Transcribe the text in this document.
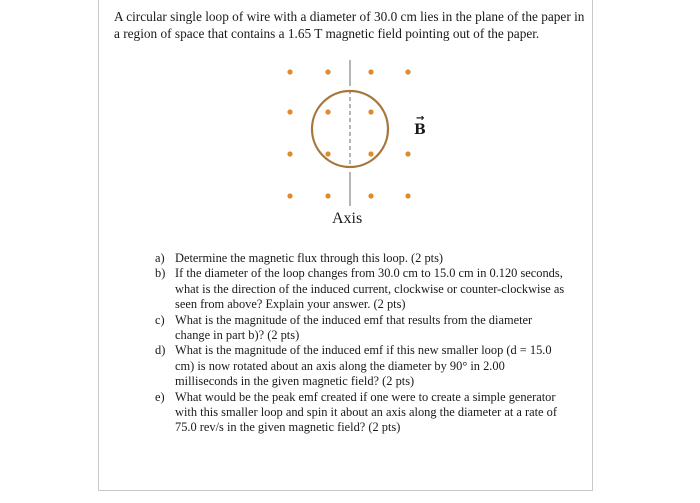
A circular single loop of wire with a diameter of 30.0 cm lies in the plane of the paper in
a region of space that contains a 1.65 T magnetic field pointing out of the paper.

→
B
Axis
a) Determine the magnetic flux through this loop. (2 pts)
b) If the diameter of the loop changes from 30.0 cm to 15.0 cm in 0.120 seconds,
what is the direction of the induced current, clockwise or counter-clockwise as
seen from above? Explain your answer. (2 pts)
c) What is the magnitude of the induced emf that results from the diameter
change in part b)? (2 pts)
d) What is the magnitude of the induced emf if this new smaller loop (d = 15.0
cm) is now rotated about an axis along the diameter by 90° in 2.00
milliseconds in the given magnetic field? (2 pts)
e) What would be the peak emf created if one were to create a simple generator
with this smaller loop and spin it about an axis along the diameter at a rate of
75.0 rev/s in the given magnetic field? (2 pts)
